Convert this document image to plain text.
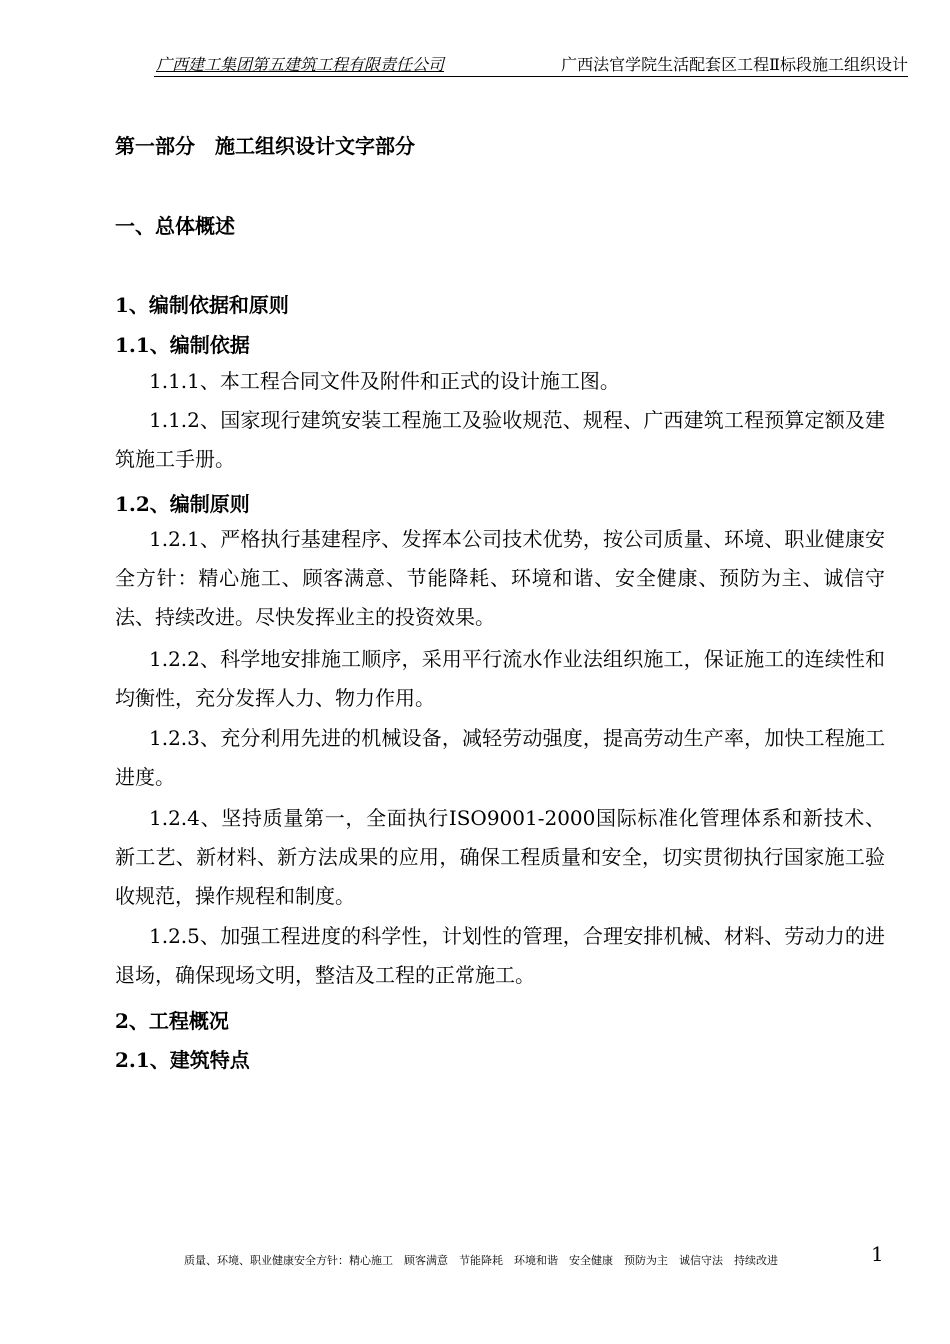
广西建工集团第五建筑工程有限责任公司	广西法官学院生活配套区工程Ⅱ标段施工组织设计
第一部分　施工组织设计文字部分
一、总体概述
1、编制依据和原则
1.1、编制依据
1.1.1、本工程合同文件及附件和正式的设计施工图。
1.1.2、国家现行建筑安装工程施工及验收规范、规程、广西建筑工程预算定额及建筑施工手册。
1.2、编制原则
1.2.1、严格执行基建程序、发挥本公司技术优势，按公司质量、环境、职业健康安全方针：精心施工、顾客满意、节能降耗、环境和谐、安全健康、预防为主、诚信守法、持续改进。尽快发挥业主的投资效果。
1.2.2、科学地安排施工顺序，采用平行流水作业法组织施工，保证施工的连续性和均衡性，充分发挥人力、物力作用。
1.2.3、充分利用先进的机械设备，减轻劳动强度，提高劳动生产率，加快工程施工进度。
1.2.4、坚持质量第一，全面执行ISO9001-2000国际标准化管理体系和新技术、新工艺、新材料、新方法成果的应用，确保工程质量和安全，切实贯彻执行国家施工验收规范，操作规程和制度。
1.2.5、加强工程进度的科学性，计划性的管理，合理安排机械、材料、劳动力的进退场，确保现场文明，整洁及工程的正常施工。
2、工程概况
2.1、建筑特点
质量、环境、职业健康安全方针：精心施工　顾客满意　节能降耗　环境和谐　安全健康　预防为主　诚信守法　持续改进	1
